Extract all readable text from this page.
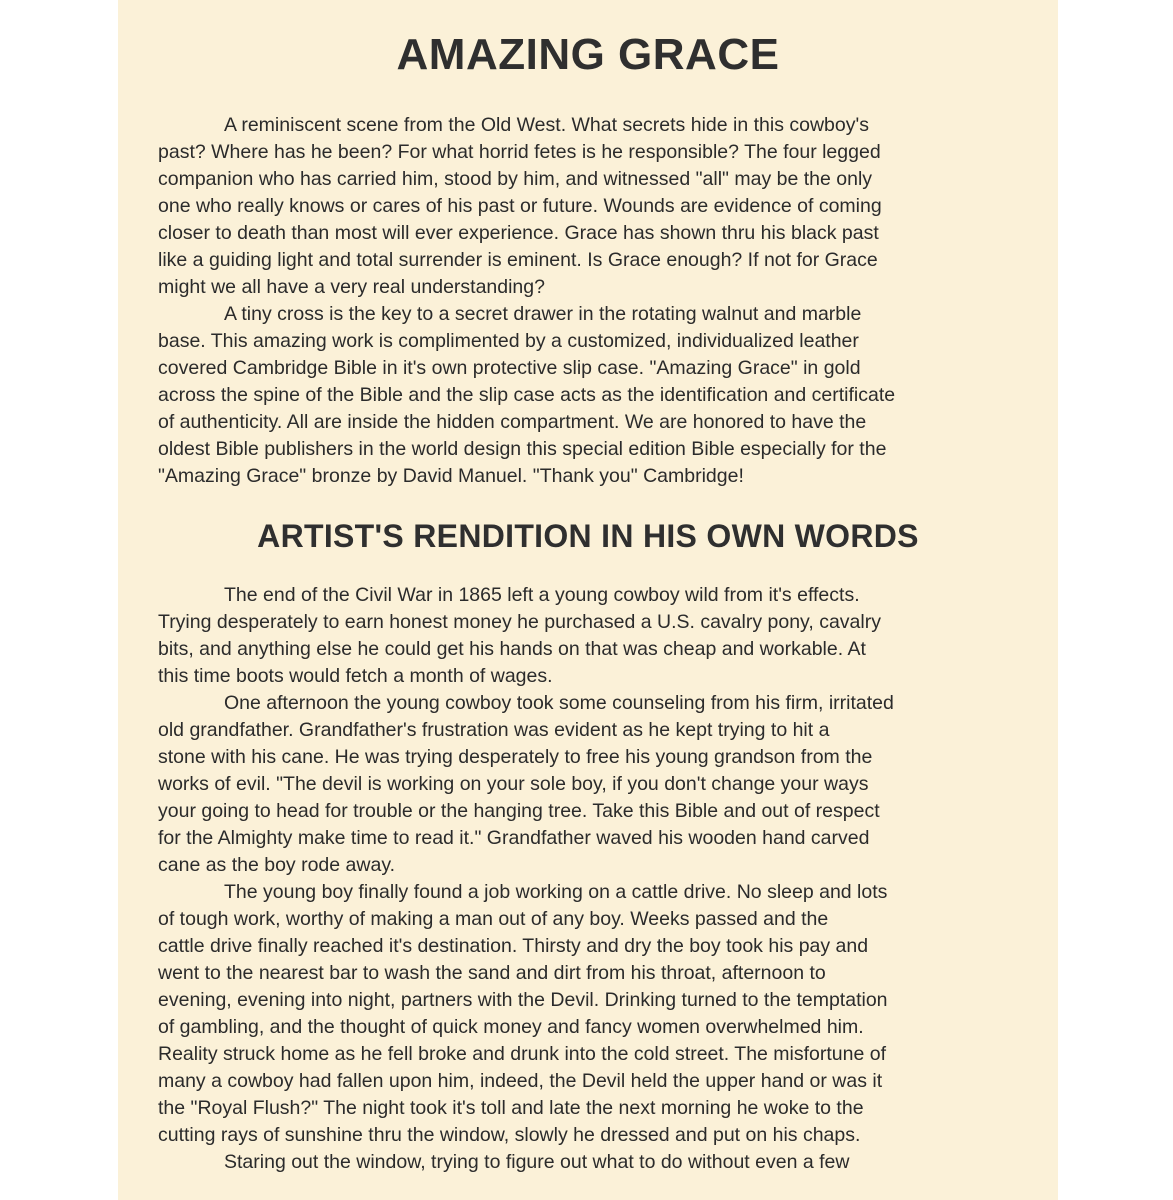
AMAZING GRACE
A reminiscent scene from the Old West. What secrets hide in this cowboy's
past? Where has he been? For what horrid fetes is he responsible? The four legged
companion who has carried him, stood by him, and witnessed "all" may be the only
one who really knows or cares of his past or future. Wounds are evidence of coming
closer to death than most will ever experience. Grace has shown thru his black past
like a guiding light and total surrender is eminent. Is Grace enough? If not for Grace
might we all have a very real understanding?
A tiny cross is the key to a secret drawer in the rotating walnut and marble
base. This amazing work is complimented by a customized, individualized leather
covered Cambridge Bible in it's own protective slip case. "Amazing Grace" in gold
across the spine of the Bible and the slip case acts as the identification and certificate
of authenticity. All are inside the hidden compartment. We are honored to have the
oldest Bible publishers in the world design this special edition Bible especially for the
"Amazing Grace" bronze by David Manuel. "Thank you" Cambridge!
ARTIST'S RENDITION IN HIS OWN WORDS
The end of the Civil War in 1865 left a young cowboy wild from it's effects.
Trying desperately to earn honest money he purchased a U.S. cavalry pony, cavalry
bits, and anything else he could get his hands on that was cheap and workable. At
this time boots would fetch a month of wages.
One afternoon the young cowboy took some counseling from his firm, irritated
old grandfather. Grandfather's frustration was evident as he kept trying to hit a
stone with his cane. He was trying desperately to free his young grandson from the
works of evil. "The devil is working on your sole boy, if you don't change your ways
your going to head for trouble or the hanging tree. Take this Bible and out of respect
for the Almighty make time to read it." Grandfather waved his wooden hand carved
cane as the boy rode away.
The young boy finally found a job working on a cattle drive. No sleep and lots
of tough work, worthy of making a man out of any boy. Weeks passed and the
cattle drive finally reached it's destination. Thirsty and dry the boy took his pay and
went to the nearest bar to wash the sand and dirt from his throat, afternoon to
evening, evening into night, partners with the Devil. Drinking turned to the temptation
of gambling, and the thought of quick money and fancy women overwhelmed him.
Reality struck home as he fell broke and drunk into the cold street. The misfortune of
many a cowboy had fallen upon him, indeed, the Devil held the upper hand or was it
the "Royal Flush?" The night took it's toll and late the next morning he woke to the
cutting rays of sunshine thru the window, slowly he dressed and put on his chaps.
Staring out the window, trying to figure out what to do without even a few
